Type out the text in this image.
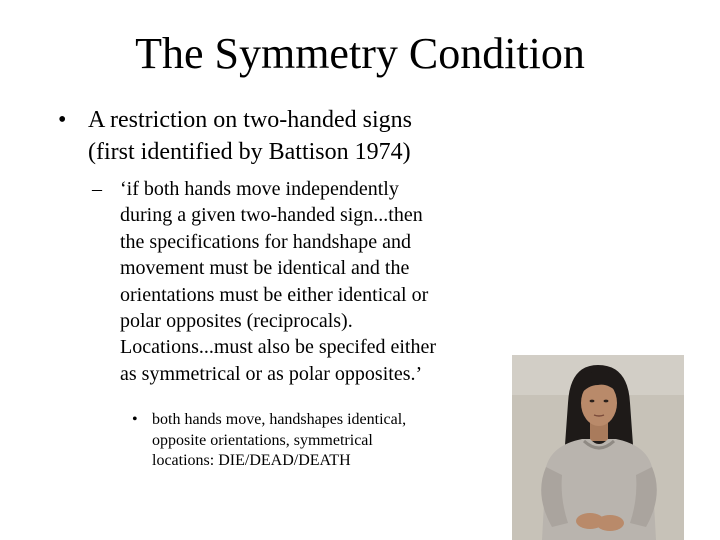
The Symmetry Condition
• A restriction on two-handed signs
(first identified by Battison 1974)
– ‘if both hands move independently
during a given two-handed sign...then
the specifications for handshape and
movement must be identical and the
orientations must be either identical or
polar opposites (reciprocals).
Locations...must also be specifed either
as symmetrical or as polar opposites.’
• both hands move, handshapes identical,
opposite orientations, symmetrical
locations: DIE/DEAD/DEATH
